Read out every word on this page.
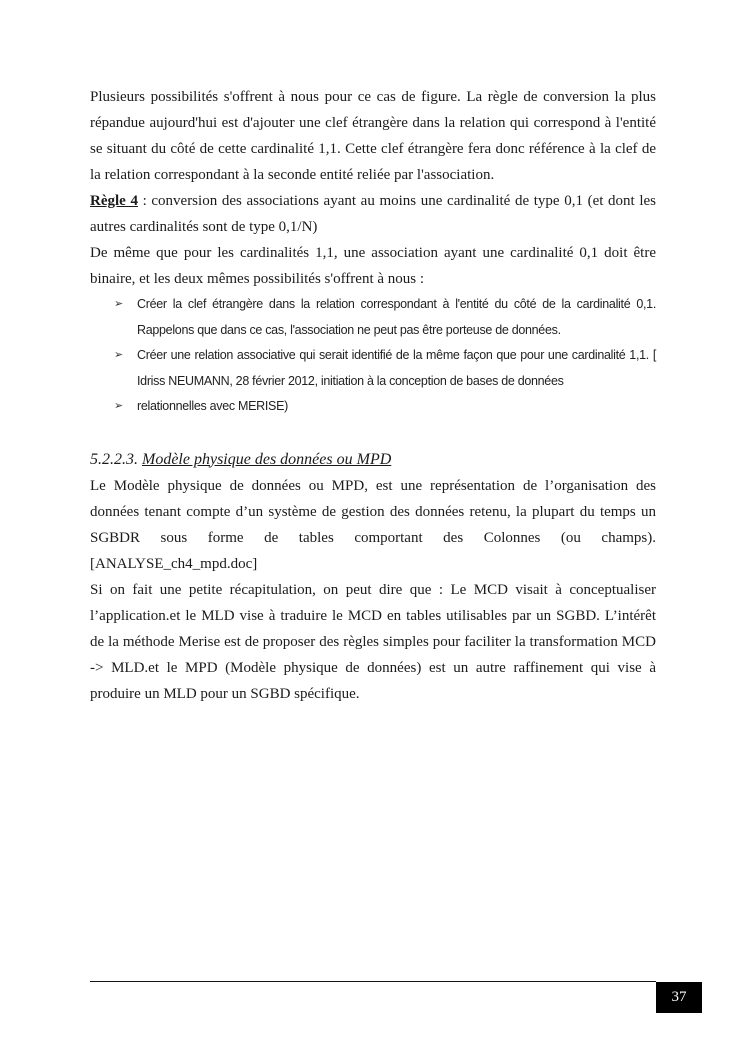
Plusieurs possibilités s'offrent à nous pour ce cas de figure. La règle de conversion la plus répandue aujourd'hui est d'ajouter une clef étrangère dans la relation qui correspond à l'entité se situant du côté de cette cardinalité 1,1. Cette clef étrangère fera donc référence à la clef de la relation correspondant à la seconde entité reliée par l'association.

Règle 4 : conversion des associations ayant au moins une cardinalité de type 0,1 (et dont les autres cardinalités sont de type 0,1/N)

De même que pour les cardinalités 1,1, une association ayant une cardinalité 0,1 doit être binaire, et les deux mêmes possibilités s'offrent à nous :

➢ Créer la clef étrangère dans la relation correspondant à l'entité du côté de la cardinalité 0,1. Rappelons que dans ce cas, l'association ne peut pas être porteuse de données.
➢ Créer une relation associative qui serait identifié de la même façon que pour une cardinalité 1,1. [ Idriss NEUMANN, 28 février 2012, initiation à la conception de bases de données
➢ relationnelles avec MERISE)
5.2.2.3. Modèle physique des données ou MPD

Le Modèle physique de données ou MPD, est une représentation de l’organisation des données tenant compte d’un système de gestion des données retenu, la plupart du temps un SGBDR sous forme de tables comportant des Colonnes (ou champs).

[ANALYSE_ch4_mpd.doc]

Si on fait une petite récapitulation, on peut dire que : Le MCD visait à conceptualiser l’application.et le MLD vise à traduire le MCD en tables utilisables par un SGBD. L’intérêt de la méthode Merise est de proposer des règles simples pour faciliter la transformation MCD -> MLD.et le MPD (Modèle physique de données) est un autre raffinement qui vise à produire un MLD pour un SGBD spécifique.

37
